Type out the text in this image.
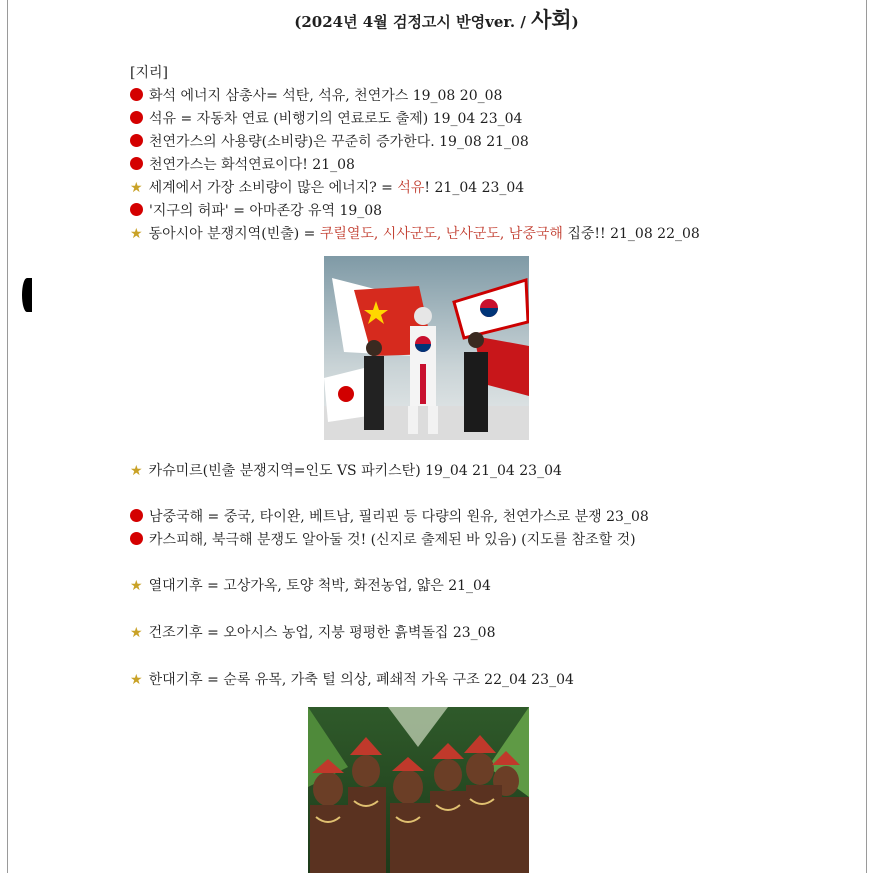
(2024년 4월 검정고시 반영ver. / 사회)
[지리]
화석 에너지 삼총사= 석탄, 석유, 천연가스 19_08 20_08
석유 = 자동차 연료 (비행기의 연료로도 출제) 19_04 23_04
천연가스의 사용량(소비량)은 꾸준히 증가한다. 19_08 21_08
천연가스는 화석연료이다! 21_08
★ 세계에서 가장 소비량이 많은 에너지? = 석유! 21_04 23_04
'지구의 허파' = 아마존강 유역 19_08
★ 동아시아 분쟁지역(빈출) = 쿠릴열도, 시사군도, 난사군도, 남중국해 집중!! 21_08 22_08
★ 카슈미르(빈출 분쟁지역=인도 VS 파키스탄) 19_04 21_04 23_04
남중국해 = 중국, 타이완, 베트남, 필리핀 등 다량의 원유, 천연가스로 분쟁 23_08
카스피해, 북극해 분쟁도 알아둘 것! (신지로 출제된 바 있음) (지도를 참조할 것)
★ 열대기후 = 고상가옥, 토양 척박, 화전농업, 얇은 21_04
★ 건조기후 = 오아시스 농업, 지붕 평평한 흙벽돌집 23_08
★ 한대기후 = 순록 유목, 가축 털 의상, 폐쇄적 가옥 구조 22_04 23_04
